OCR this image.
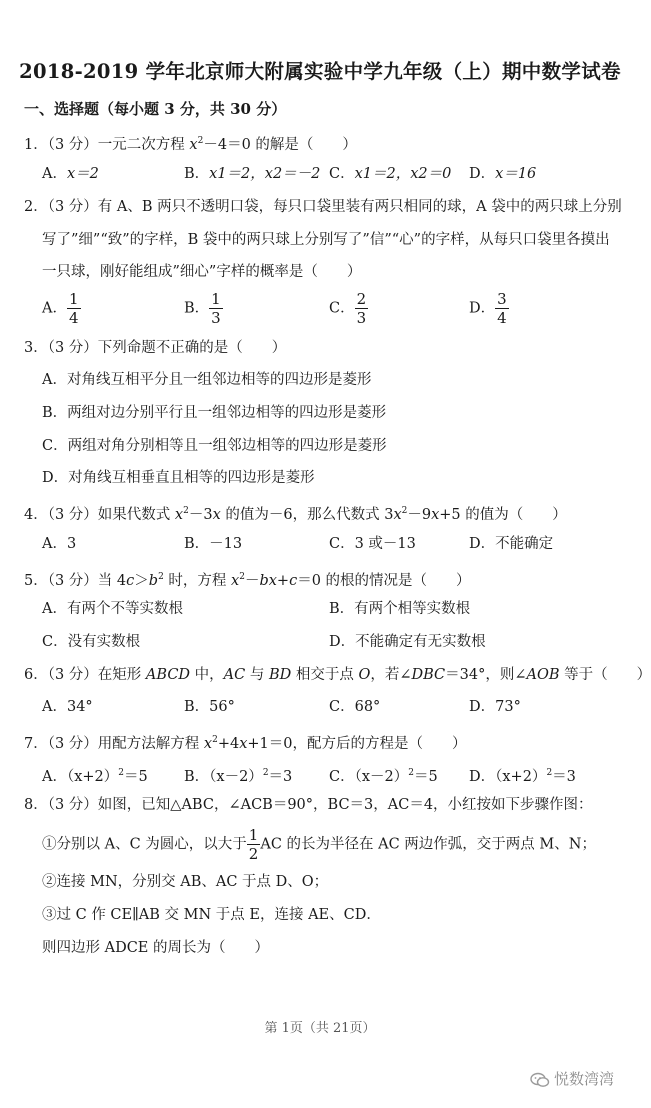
2018-2019 学年北京师大附属实验中学九年级（上）期中数学试卷
一、选择题（每小题 3 分，共 30 分）
1．（3 分）一元二次方程 $x^2-4=0$ 的解是（　　）
A．x＝2	B．x1＝2，x2＝－2 C．x1＝2，x2＝0 D．x＝16
2．（3 分）有 A、B 两只不透明口袋，每只口袋里装有两只相同的球，A 袋中的两只球上分别
写了”细”“致”的字样，B 袋中的两只球上分别写了”信”“心”的字样，从每只口袋里各摸出
一只球，刚好能组成”细心”字样的概率是（　　）
A． $\frac{1}{4}$	B． $\frac{1}{3}$	C． $\frac{2}{3}$	D． $\frac{3}{4}$
3．（3 分）下列命题不正确的是（　　）
A．对角线互相平分且一组邻边相等的四边形是菱形
B．两组对边分别平行且一组邻边相等的四边形是菱形
C．两组对角分别相等且一组邻边相等的四边形是菱形
D．对角线互相垂直且相等的四边形是菱形
4．（3 分）如果代数式 $x^2-3x$ 的值为－6，那么代数式 $3x^2-9x+5$ 的值为（　　）
A．3	B．－13	C．3 或－13	D．不能确定
5．（3 分）当 $4c>b^2$ 时，方程 $x^2-bx+c=0$ 的根的情况是（　　）
A．有两个不等实数根	B．有两个相等实数根
C．没有实数根	D．不能确定有无实数根
6．（3 分）在矩形 ABCD 中，AC 与 BD 相交于点 O，若∠DBC＝34°，则∠AOB 等于（　　）
A．34°	B．56°	C．68°	D．73°
7．（3 分）用配方法解方程 $x^2+4x+1=0$，配方后的方程是（　　）
A．$(x+2)^2=5$	B．$(x-2)^2=3$	C．$(x-2)^2=5$ D．$(x+2)^2=3$
8．（3 分）如图，已知△ABC，∠ACB＝90°，BC＝3，AC＝4，小红按如下步骤作图：
①分别以 A、C 为圆心，以大于 $\frac{1}{2}$ AC 的长为半径在 AC 两边作弧，交于两点 M、N；
②连接 MN，分别交 AB、AC 于点 D、O；
③过 C 作 CE∥AB 交 MN 于点 E，连接 AE、CD．
则四边形 ADCE 的周长为（　　）
第 1页（共 21页）
悦数湾湾
